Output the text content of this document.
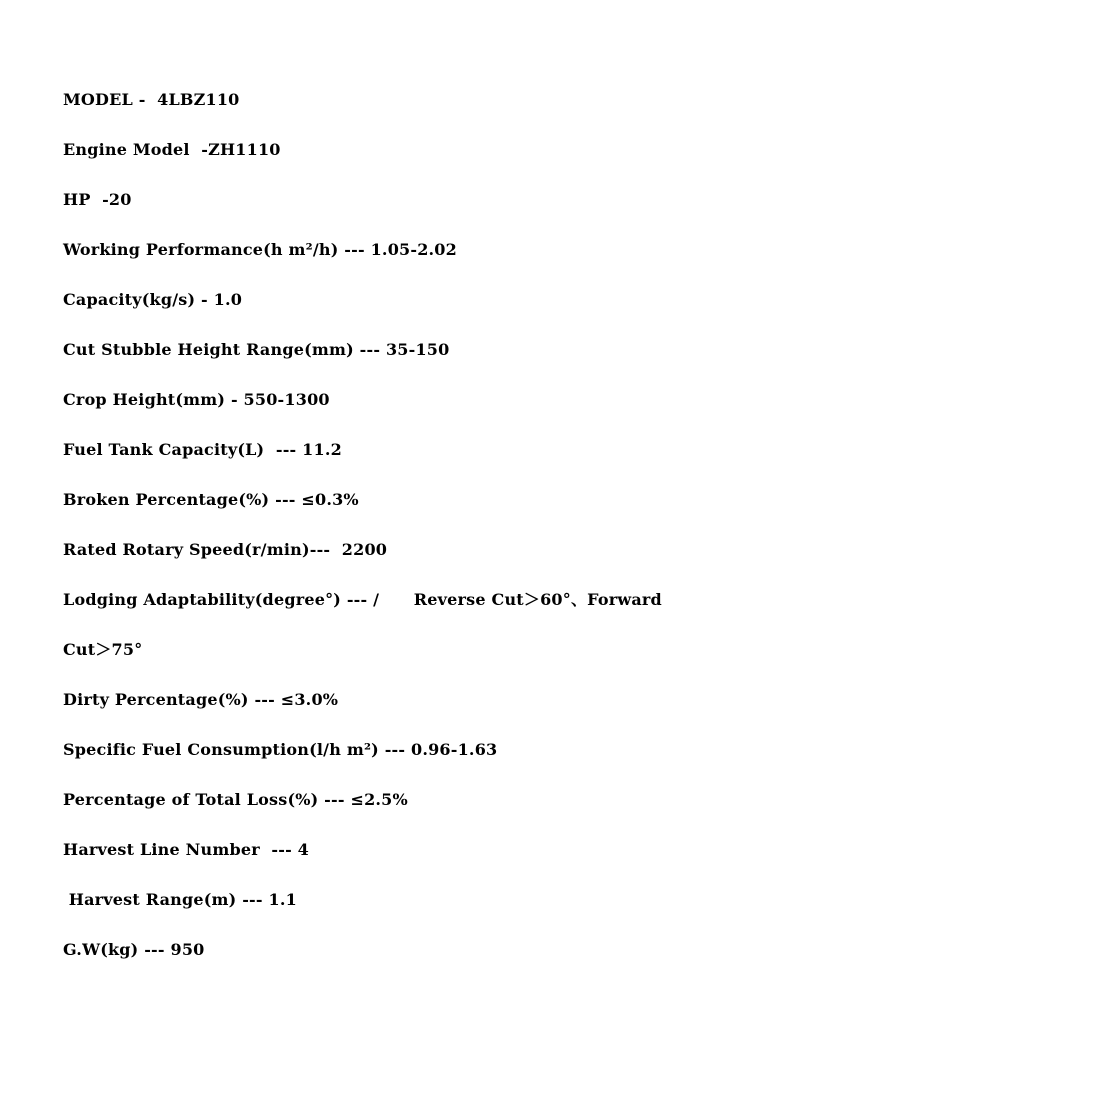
MODEL -  4LBZ110
Engine Model  -ZH1110
HP  -20
Working Performance(h m²/h) --- 1.05-2.02
Capacity(kg/s) - 1.0
Cut Stubble Height Range(mm) --- 35-150
Crop Height(mm) - 550-1300
Fuel Tank Capacity(L)  --- 11.2
Broken Percentage(%) --- ≤0.3%
Rated Rotary Speed(r/min)---  2200
Lodging Adaptability(degree°) --- /      Reverse Cut＞60°、Forward
Cut＞75°
Dirty Percentage(%) --- ≤3.0%
Specific Fuel Consumption(l/h m²) --- 0.96-1.63
Percentage of Total Loss(%) --- ≤2.5%
Harvest Line Number  --- 4
Harvest Range(m) --- 1.1
G.W(kg) --- 950
